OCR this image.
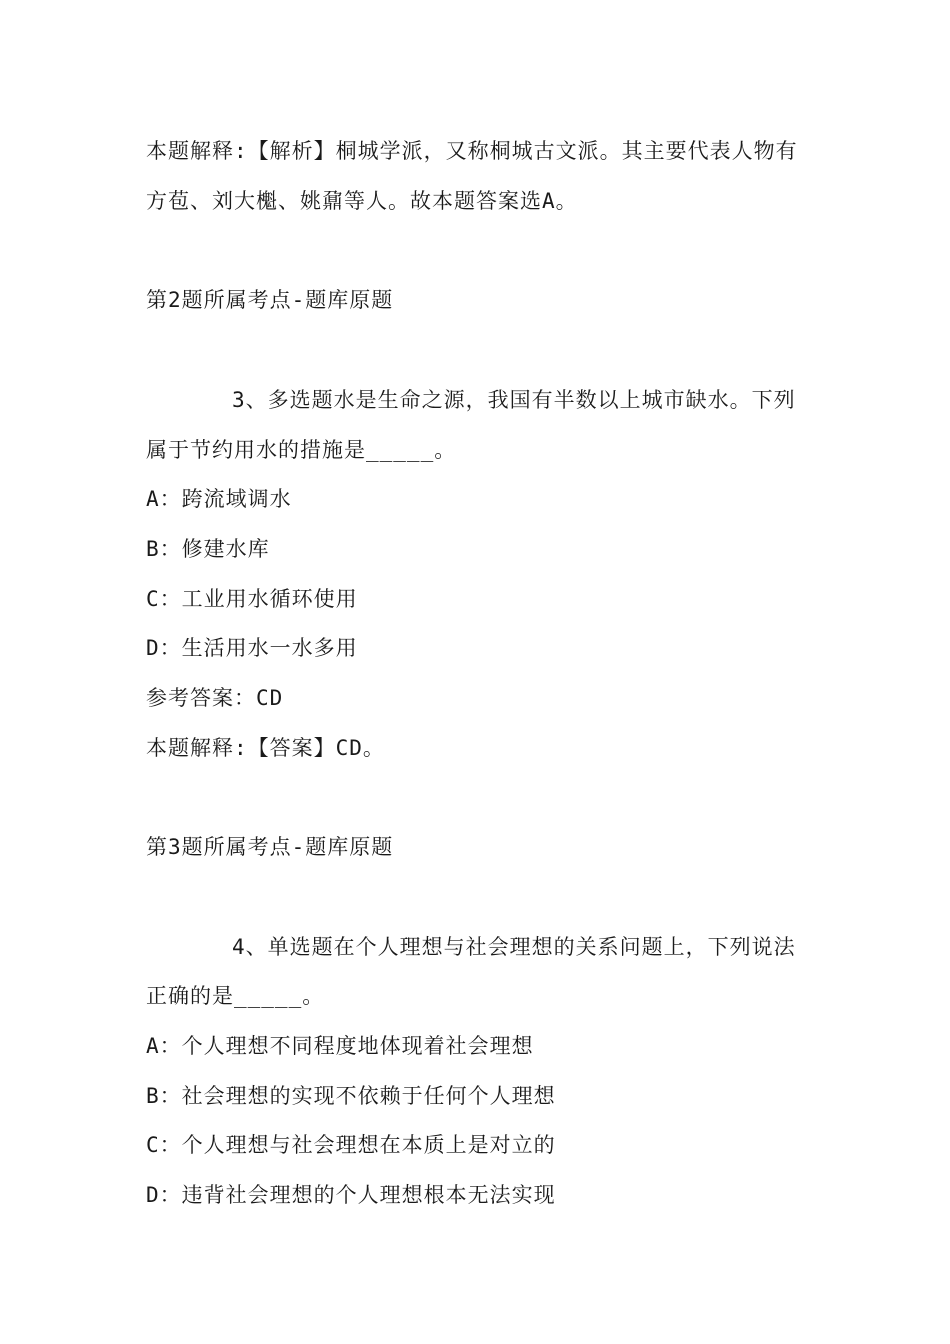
本题解释:【解析】桐城学派，又称桐城古文派。其主要代表人物有
方苞、刘大櫆、姚鼐等人。故本题答案选A。
第2题所属考点-题库原题
3、多选题水是生命之源，我国有半数以上城市缺水。下列
属于节约用水的措施是_____。
A：跨流域调水
B：修建水库
C：工业用水循环使用
D：生活用水一水多用
参考答案：CD
本题解释:【答案】CD。
第3题所属考点-题库原题
4、单选题在个人理想与社会理想的关系问题上，下列说法
正确的是_____。
A：个人理想不同程度地体现着社会理想
B：社会理想的实现不依赖于任何个人理想
C：个人理想与社会理想在本质上是对立的
D：违背社会理想的个人理想根本无法实现
